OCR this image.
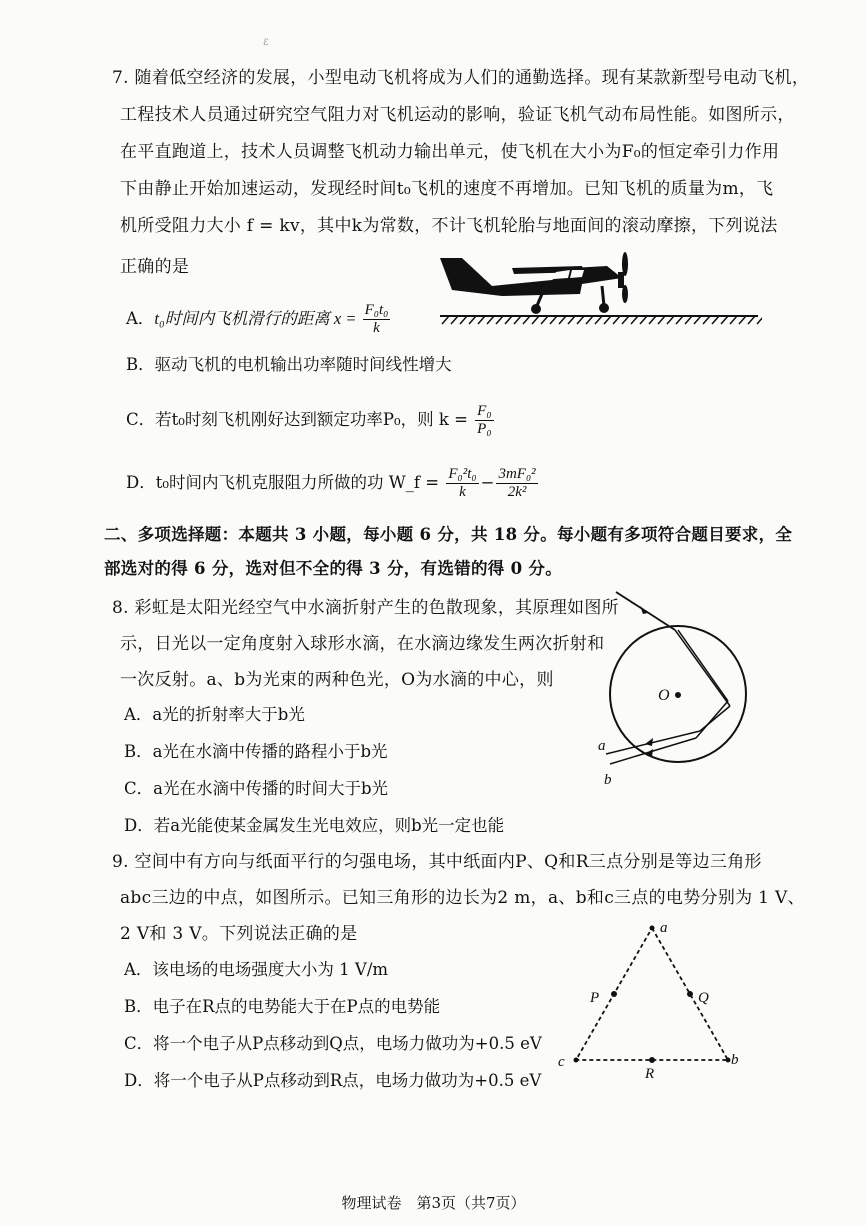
ℰ
7. 随着低空经济的发展，小型电动飞机将成为人们的通勤选择。现有某款新型号电动飞机，
工程技术人员通过研究空气阻力对飞机运动的影响，验证飞机气动布局性能。如图所示，
在平直跑道上，技术人员调整飞机动力输出单元，使飞机在大小为F₀的恒定牵引力作用
下由静止开始加速运动，发现经时间t₀飞机的速度不再增加。已知飞机的质量为m，飞
机所受阻力大小 f = kv，其中k为常数，不计飞机轮胎与地面间的滚动摩擦，下列说法
正确的是
A．t₀时间内飞机滑行的距离 $x = \frac{\text{F₀t₀}}{k}$
B．驱动飞机的电机输出功率随时间线性增大
C．若t₀时刻飞机刚好达到额定功率P₀，则 $k = \frac{\text{F₀}}{\text{P₀}}$
D．t₀时间内飞机克服阻力所做的功 W_f = $\frac{\text{F₀²t₀}}{k} - \frac{\text{3mF₀²}}{\text{2k²}}$
二、多项选择题：本题共 3 小题，每小题 6 分，共 18 分。每小题有多项符合题目要求，全
部选对的得 6 分，选对但不全的得 3 分，有选错的得 0 分。
8. 彩虹是太阳光经空气中水滴折射产生的色散现象，其原理如图所
示，日光以一定角度射入球形水滴，在水滴边缘发生两次折射和
一次反射。a、b为光束的两种色光，O为水滴的中心，则
A．a光的折射率大于b光
B．a光在水滴中传播的路程小于b光
C．a光在水滴中传播的时间大于b光
D．若a光能使某金属发生光电效应，则b光一定也能
O
a
b
9. 空间中有方向与纸面平行的匀强电场，其中纸面内P、Q和R三点分别是等边三角形
abc三边的中点，如图所示。已知三角形的边长为2 m，a、b和c三点的电势分别为 1 V、
2 V和 3 V。下列说法正确的是
A．该电场的电场强度大小为 1 V/m
B．电子在R点的电势能大于在P点的电势能
C．将一个电子从P点移动到Q点，电场力做功为+0.5 eV
D．将一个电子从P点移动到R点，电场力做功为+0.5 eV
a
b
c
P	Q
R
物理试卷　第3页（共7页）
